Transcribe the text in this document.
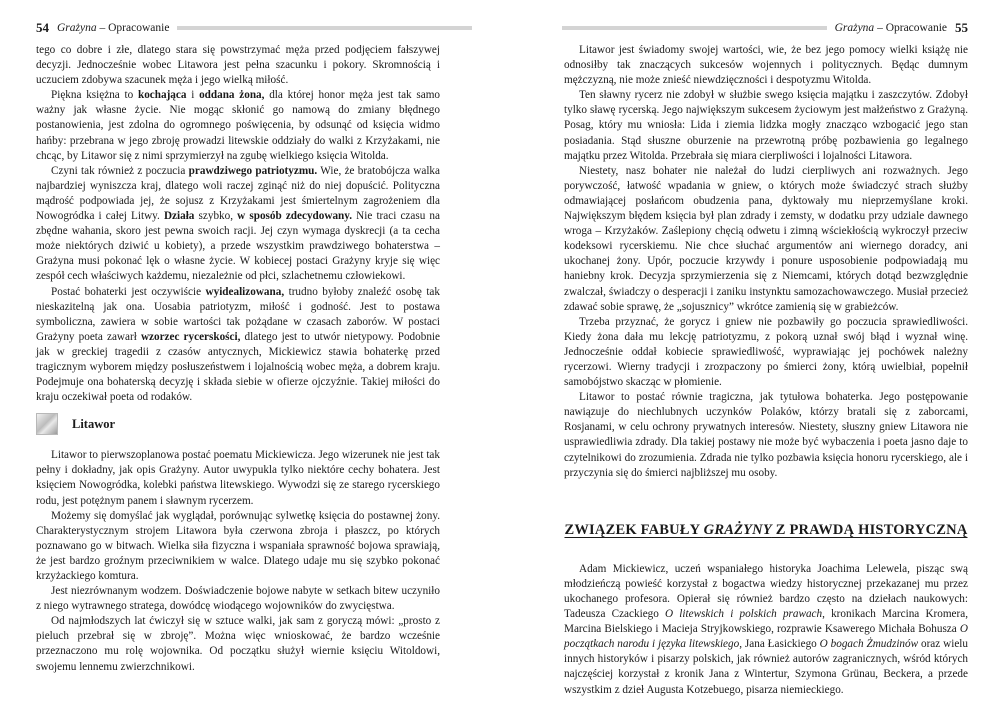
54 Grażyna – Opracowanie

tego co dobre i złe, dlatego stara się powstrzymać męża przed podjęciem fałszywej decyzji. Jednocześnie wobec Litawora jest pełna szacunku i pokory. Skromnością i uczuciem zdobywa szacunek męża i jego wielką miłość.

Piękna księżna to kochająca i oddana żona, dla której honor męża jest tak samo ważny jak własne życie. Nie mogąc skłonić go namową do zmiany błędnego postanowienia, jest zdolna do ogromnego poświęcenia, by odsunąć od księcia widmo hańby: przebrana w jego zbroję prowadzi litewskie oddziały do walki z Krzyżakami, nie chcąc, by Litawor się z nimi sprzymierzył na zgubę wielkiego księcia Witolda.

Czyni tak również z poczucia prawdziwego patriotyzmu. Wie, że bratobójcza walka najbardziej wyniszcza kraj, dlatego woli raczej zginąć niż do niej dopuścić. Polityczna mądrość podpowiada jej, że sojusz z Krzyżakami jest śmiertelnym zagrożeniem dla Nowogródka i całej Litwy. Działa szybko, w sposób zdecydowany. Nie traci czasu na zbędne wahania, skoro jest pewna swoich racji. Jej czyn wymaga dyskrecji (a ta cecha może niektórych dziwić u kobiety), a przede wszystkim prawdziwego bohaterstwa – Grażyna musi pokonać lęk o własne życie. W kobiecej postaci Grażyny kryje się więc zespół cech właściwych każdemu, niezależnie od płci, szlachetnemu człowiekowi.

Postać bohaterki jest oczywiście wyidealizowana, trudno byłoby znaleźć osobę tak nieskazitelną jak ona. Uosabia patriotyzm, miłość i godność. Jest to postawa symboliczna, zawiera w sobie wartości tak pożądane w czasach zaborów. W postaci Grażyny poeta zawarł wzorzec rycerskości, dlatego jest to utwór nietypowy. Podobnie jak w greckiej tragedii z czasów antycznych, Mickiewicz stawia bohaterkę przed tragicznym wyborem między posłuszeństwem i lojalnością wobec męża, a dobrem kraju. Podejmuje ona bohaterską decyzję i składa siebie w ofierze ojczyźnie. Takiej miłości do kraju oczekiwał poeta od rodaków.

Litawor

Litawor to pierwszoplanowa postać poematu Mickiewicza. Jego wizerunek nie jest tak pełny i dokładny, jak opis Grażyny. Autor uwypukla tylko niektóre cechy bohatera. Jest księciem Nowogródka, kolebki państwa litewskiego. Wywodzi się ze starego rycerskiego rodu, jest potężnym panem i sławnym rycerzem.

Możemy się domyślać jak wyglądał, porównując sylwetkę księcia do postawnej żony. Charakterystycznym strojem Litawora była czerwona zbroja i płaszcz, po których poznawano go w bitwach. Wielka siła fizyczna i wspaniała sprawność bojowa sprawiają, że jest bardzo groźnym przeciwnikiem w walce. Dlatego udaje mu się szybko pokonać krzyżackiego komtura.

Jest niezrównanym wodzem. Doświadczenie bojowe nabyte w setkach bitew uczyniło z niego wytrawnego stratega, dowódcę wiodącego wojowników do zwycięstwa.

Od najmłodszych lat ćwiczył się w sztuce walki, jak sam z goryczą mówi: „prosto z pieluch przebrał się w zbroję”. Można więc wnioskować, że bardzo wcześnie przeznaczono mu rolę wojownika. Od początku służył wiernie księciu Witoldowi, swojemu lennemu zwierzchnikowi.

Grażyna – Opracowanie 55

Litawor jest świadomy swojej wartości, wie, że bez jego pomocy wielki książę nie odnosiłby tak znaczących sukcesów wojennych i politycznych. Będąc dumnym mężczyzną, nie może znieść niewdzięczności i despotyzmu Witolda.

Ten sławny rycerz nie zdobył w służbie swego księcia majątku i zaszczytów. Zdobył tylko sławę rycerską. Jego największym sukcesem życiowym jest małżeństwo z Grażyną. Posag, który mu wniosła: Lida i ziemia lidzka mogły znacząco wzbogacić jego stan posiadania. Stąd słuszne oburzenie na przewrotną próbę pozbawienia go legalnego majątku przez Witolda. Przebrała się miara cierpliwości i lojalności Litawora.

Niestety, nasz bohater nie należał do ludzi cierpliwych ani rozważnych. Jego porywczość, łatwość wpadania w gniew, o których może świadczyć strach służby odmawiającej posłańcom obudzenia pana, dyktowały mu nieprzemyślane kroki. Największym błędem księcia był plan zdrady i zemsty, w dodatku przy udziale dawnego wroga – Krzyżaków. Zaślepiony chęcią odwetu i zimną wściekłością wykroczył przeciw kodeksowi rycerskiemu. Nie chce słuchać argumentów ani wiernego doradcy, ani ukochanej żony. Upór, poczucie krzywdy i ponure usposobienie podpowiadają mu haniebny krok. Decyzja sprzymierzenia się z Niemcami, których dotąd bezwzględnie zwalczał, świadczy o desperacji i zaniku instynktu samozachowawczego. Musiał przecież zdawać sobie sprawę, że „sojusznicy” wkrótce zamienią się w grabieżców.

Trzeba przyznać, że gorycz i gniew nie pozbawiły go poczucia sprawiedliwości. Kiedy żona dała mu lekcję patriotyzmu, z pokorą uznał swój błąd i wyznał winę. Jednocześnie oddał kobiecie sprawiedliwość, wyprawiając jej pochówek należny rycerzowi. Wierny tradycji i zrozpaczony po śmierci żony, którą uwielbiał, popełnił samobójstwo skacząc w płomienie.

Litawor to postać równie tragiczna, jak tytułowa bohaterka. Jego postępowanie nawiązuje do niechlubnych uczynków Polaków, którzy bratali się z zaborcami, Rosjanami, w celu ochrony prywatnych interesów. Niestety, słuszny gniew Litawora nie usprawiedliwia zdrady. Dla takiej postawy nie może być wybaczenia i poeta jasno daje to czytelnikowi do zrozumienia. Zdrada nie tylko pozbawia księcia honoru rycerskiego, ale i przyczynia się do śmierci najbliższej mu osoby.

ZWIĄZEK FABUŁY GRAŻYNY Z PRAWDĄ HISTORYCZNĄ

Adam Mickiewicz, uczeń wspaniałego historyka Joachima Lelewela, pisząc swą młodzieńczą powieść korzystał z bogactwa wiedzy historycznej przekazanej mu przez ukochanego profesora. Opierał się również bardzo często na dziełach naukowych: Tadeusza Czackiego O litewskich i polskich prawach, kronikach Marcina Kromera, Marcina Bielskiego i Macieja Stryjkowskiego, rozprawie Ksawerego Michała Bohusza O początkach narodu i języka litewskiego, Jana Łasickiego O bogach Żmudzinów oraz wielu innych historyków i pisarzy polskich, jak również autorów zagranicznych, wśród których najczęściej korzystał z kronik Jana z Wintertur, Szymona Grünau, Beckera, a przede wszystkim z dzieł Augusta Kotzebuego, pisarza niemieckiego.
